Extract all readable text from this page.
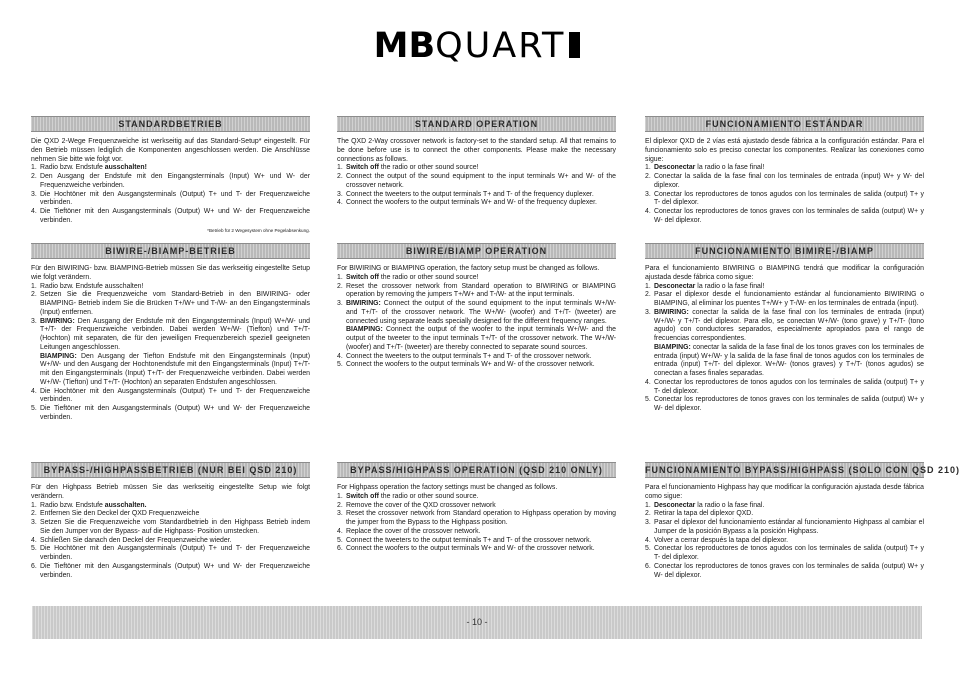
MBQUART
STANDARDBETRIEB

Die QXD 2-Wege Frequenzweiche ist werkseitig auf das Standard-Setup* eingestellt. Für den Betrieb müssen lediglich die Komponenten angeschlossen werden. Die Anschlüsse nehmen Sie bitte wie folgt vor.

1. Radio bzw. Endstufe ausschalten!
2. Den Ausgang der Endstufe mit den Eingangsterminals (Input) W+ und W- der Frequenzweiche verbinden.
3. Die Hochtöner mit den Ausgangsterminals (Output) T+ und T- der Frequenzweiche verbinden.
4. Die Tieftöner mit den Ausgangsterminals (Output) W+ und W- der Frequenzweiche verbinden.
*Betrieb für 2 Wegesystem ohne Pegelabsenkung.
BIWIRE-/BIAMP-BETRIEB

Für den BIWIRING- bzw. BIAMPING-Betrieb müssen Sie das werkseitig eingestellte Setup wie folgt verändern.

1. Radio bzw. Endstufe ausschalten!
2. Setzen Sie die Frequenzweiche vom Standard-Betrieb in den BIWIRING- oder BIAMPING- Betrieb indem Sie die Brücken T+/W+ und T-/W- an den Eingangsterminals (Input) entfernen.
3. BIWIRING: Den Ausgang der Endstufe mit den Eingangsterminals (Input) W+/W- und T+/T- der Frequenzweiche verbinden. Dabei werden W+/W- (Tiefton) und T+/T- (Hochton) mit separaten, die für den jeweiligen Frequenzbereich speziell geeigneten Leitungen angeschlossen.
BIAMPING: Den Ausgang der Tiefton Endstufe mit den Eingangsterminals (Input) W+/W- und den Ausgang der Hochtonendstufe mit den Eingangsterminals (Input) T+/T- mit den Eingangsterminals (Input) T+/T- der Frequenzweiche verbinden. Dabei werden W+/W- (Tiefton) und T+/T- (Hochton) an separaten Endstufen angeschlossen.
4. Die Hochtöner mit den Ausgangsterminals (Output) T+ und T- der Frequenzweiche verbinden.
5. Die Tieftöner mit den Ausgangsterminals (Output) W+ und W- der Frequenzweiche verbinden.
BYPASS-/HIGHPASSBETRIEB (NUR BEI QSD 210)

Für den Highpass Betrieb müssen Sie das werkseitig eingestellte Setup wie folgt verändern.

1. Radio bzw. Endstufe ausschalten.
2. Entfernen Sie den Deckel der QXD Frequenzweiche
3. Setzen Sie die Frequenzweiche vom Standardbetrieb in den Highpass Betrieb indem Sie den Jumper von der Bypass- auf die Highpass- Position umstecken.
4. Schließen Sie danach den Deckel der Frequenzweiche wieder.
5. Die Hochtöner mit den Ausgangsterminals (Output) T+ und T- der Frequenzweiche verbinden.
6. Die Tieftöner mit den Ausgangsterminals (Output) W+ und W- der Frequenzweiche verbinden.
STANDARD OPERATION

The QXD 2-Way crossover network is factory-set to the standard setup. All that remains to be done before use is to connect the other components. Please make the necessary connections as follows.

1. Switch off the radio or other sound source!
2. Connect the output of the sound equipment to the input terminals W+ and W- of the crossover network.
3. Connect the tweeters to the output terminals T+ and T- of the frequency duplexer.
4. Connect the woofers to the output terminals W+ and W- of the frequency duplexer.
BIWIRE/BIAMP OPERATION

For BIWIRING or BIAMPING operation, the factory setup must be changed as follows.

1. Switch off the radio or other sound source!
2. Reset the crossover network from Standard operation to BIWIRING or BIAMPING operation by removing the jumpers T+/W+ and T-/W- at the input terminals.
3. BIWIRING: Connect the output of the sound equipment to the input terminals W+/W- and T+/T- of the crossover network. The W+/W- (woofer) and T+/T- (tweeter) are connected using separate leads specially designed for the different frequency ranges.
BIAMPING: Connect the output of the woofer to the input terminals W+/W- and the output of the tweeter to the input terminals T+/T- of the crossover network. The W+/W- (woofer) and T+/T- (tweeter) are thereby connected to separate sound sources.
4. Connect the tweeters to the output terminals T+ and T- of the crossover network.
5. Connect the woofers to the output terminals W+ and W- of the crossover network.
BYPASS/HIGHPASS OPERATION (QSD 210 ONLY)

For Highpass operation the factory settings must be changed as follows.

1. Switch off the radio or other sound source.
2. Remove the cover of the QXD crossover network
3. Reset the crossover network from Standard operation to Highpass operation by moving the jumper from the Bypass to the Highpass position.
4. Replace the cover of the crossover network.
5. Connect the tweeters to the output terminals T+ and T- of the crossover network.
6. Connect the woofers to the output terminals W+ and W- of the crossover network.
FUNCIONAMIENTO ESTÁNDAR

El diplexor QXD de 2 vías está ajustado desde fábrica a la configuración estándar. Para el funcionamiento solo es preciso conectar los componentes. Realizar las conexiones como sigue:

1. Desconectar la radio o la fase final!
2. Conectar la salida de la fase final con los terminales de entrada (input) W+ y W- del diplexor.
3. Conectar los reproductores de tonos agudos con los terminales de salida (output) T+ y T- del diplexor.
4. Conectar los reproductores de tonos graves con los terminales de salida (output) W+ y W- del diplexor.
FUNCIONAMIENTO BIMIRE-/BIAMP

Para el funcionamiento BIWIRING o BIAMPING tendrá que modificar la configuración ajustada desde fábrica como sigue:

1. Desconectar la radio o la fase final!
2. Pasar el diplexor desde el funcionamiento estándar al funcionamiento BIWIRING o BIAMPING, al eliminar los puentes T+/W+ y T-/W- en los terminales de entrada (input).
3. BIWIRING: conectar la salida de la fase final con los terminales de entrada (input) W+/W- y T+/T- del diplexor. Para ello, se conectan W+/W- (tono grave) y T+/T- (tono agudo) con conductores separados, especialmente apropiados para el rango de frecuencias correspondientes.
BIAMPING: conectar la salida de la fase final de los tonos graves con los terminales de entrada (input) W+/W- y la salida de la fase final de tonos agudos con los terminales de entrada (input) T+/T- del diplexor. W+/W- (tonos graves) y T+/T- (tonos agudos) se conectan a fases finales separadas.
4. Conectar los reproductores de tonos agudos con los terminales de salida (output) T+ y T- del diplexor.
5. Conectar los reproductores de tonos graves con los terminales de salida (output) W+ y W- del diplexor.
FUNCIONAMIENTO BYPASS/HIGHPASS (SOLO CON QSD 210)

Para el funcionamiento Highpass hay que modificar la configuración ajustada desde fábrica como sigue:

1. Desconectar la radio o la fase final.
2. Retirar la tapa del diplexor QXD.
3. Pasar el diplexor del funcionamiento estándar al funcionamiento Highpass al cambiar el Jumper de la posición Bypass a la posición Highpass.
4. Volver a cerrar después la tapa del diplexor.
5. Conectar los reproductores de tonos agudos con los terminales de salida (output) T+ y T- del diplexor.
6. Conectar los reproductores de tonos graves con los terminales de salida (output) W+ y W- del diplexor.
- 10 -
